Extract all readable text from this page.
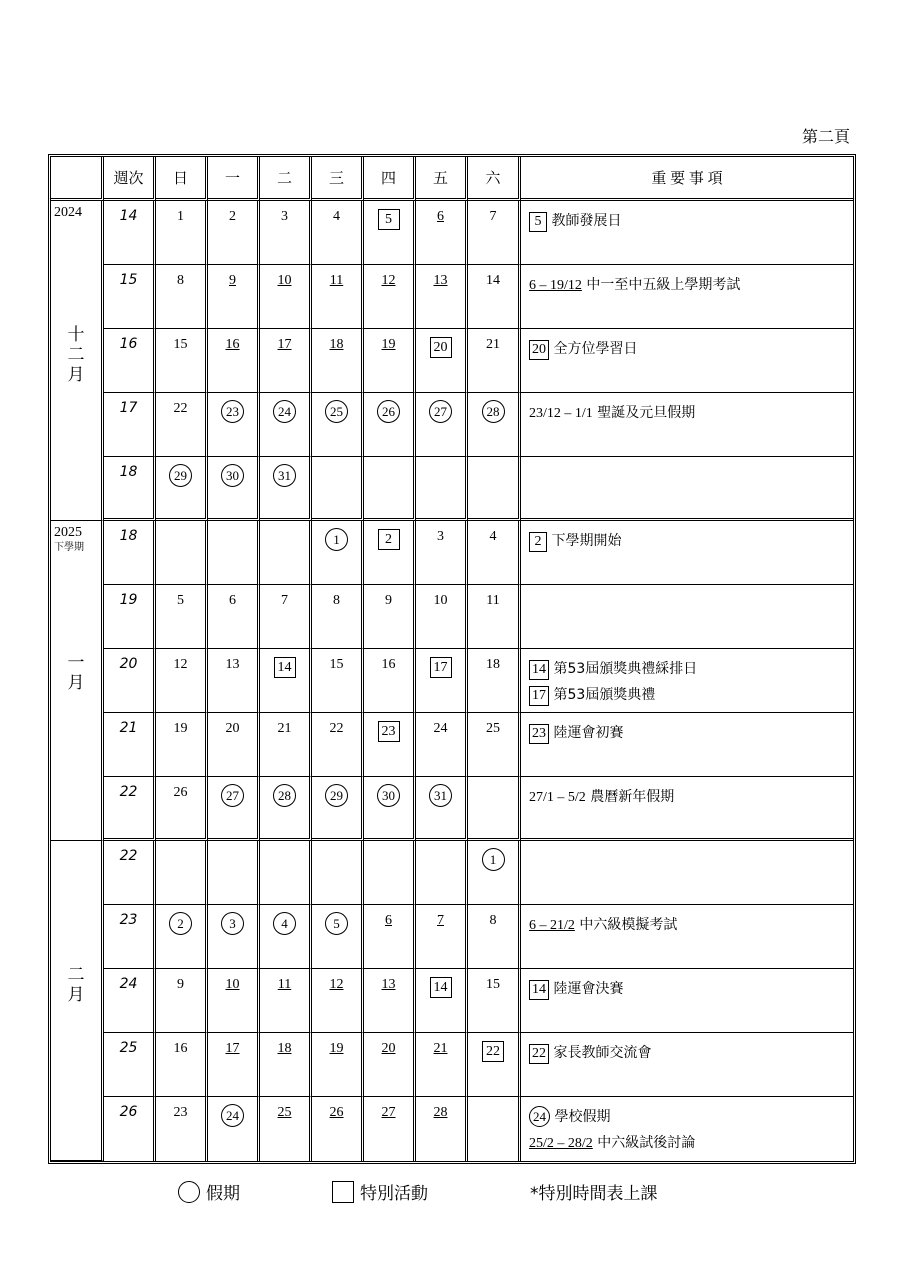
第二頁
	週次	日	一	二	三	四	五	六	重 要 事 項

2024
十
二
月	14	1	2	3	4	5	6	7	5 教師發展日

	15	8	9	10	11	12	13	14	6 – 19/12 中一至中五級上學期考試

	16	15	16	17	18	19	20	21	20 全方位學習日

	17	22	23	24	25	26	27	28	23/12 – 1/1 聖誕及元旦假期

	18	29	30	31					

2025
下學期
一
月	18				1	2	3	4	2 下學期開始

	19	5	6	7	8	9	10	11	
	20	12	13	14	15	16	17	18	14 第53屆頒獎典禮綵排日
17 第53屆頒獎典禮

	21	19	20	21	22	23	24	25	23 陸運會初賽

	22	26	27	28	29	30	31		27/1 – 5/2 農曆新年假期

二
月	22							1	
	23	2	3	4	5	6	7	8	6 – 21/2 中六級模擬考試

	24	9	10	11	12	13	14	15	14 陸運會決賽

	25	16	17	18	19	20	21	22	22 家長教師交流會

	26	23	24	25	26	27	28		24 學校假期
25/2 – 28/2 中六級試後討論
假期	特別活動	*特別時間表上課
